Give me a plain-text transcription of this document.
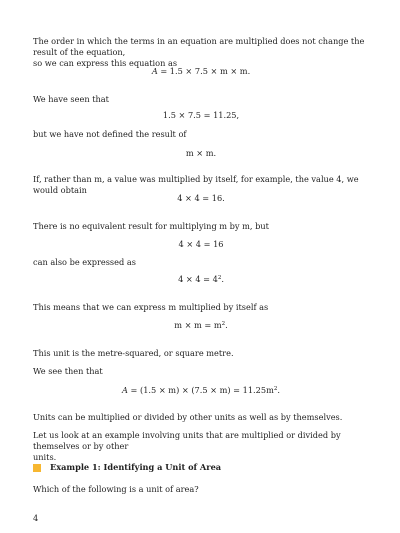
The order in which the terms in an equation are multiplied does not change the result of the equation,
so we can express this equation as
A = 1.5 × 7.5 × m × m.
We have seen that
1.5 × 7.5 = 11.25,
but we have not defined the result of
m × m.
If, rather than m, a value was multiplied by itself, for example, the value 4, we would obtain
4 × 4 = 16.
There is no equivalent result for multiplying m by m, but
4 × 4 = 16
can also be expressed as
$4 \times 4 = 4^2$.
This means that we can express m multiplied by itself as
$m \times m = m^2$.
This unit is the metre-squared, or square metre.
We see then that
$A = (1.5 \times m) \times (7.5 \times m) = 11.25m^2$.
Units can be multiplied or divided by other units as well as by themselves.
Let us look at an example involving units that are multiplied or divided by themselves or by other
units.
Example 1: Identifying a Unit of Area
Which of the following is a unit of area?
4
